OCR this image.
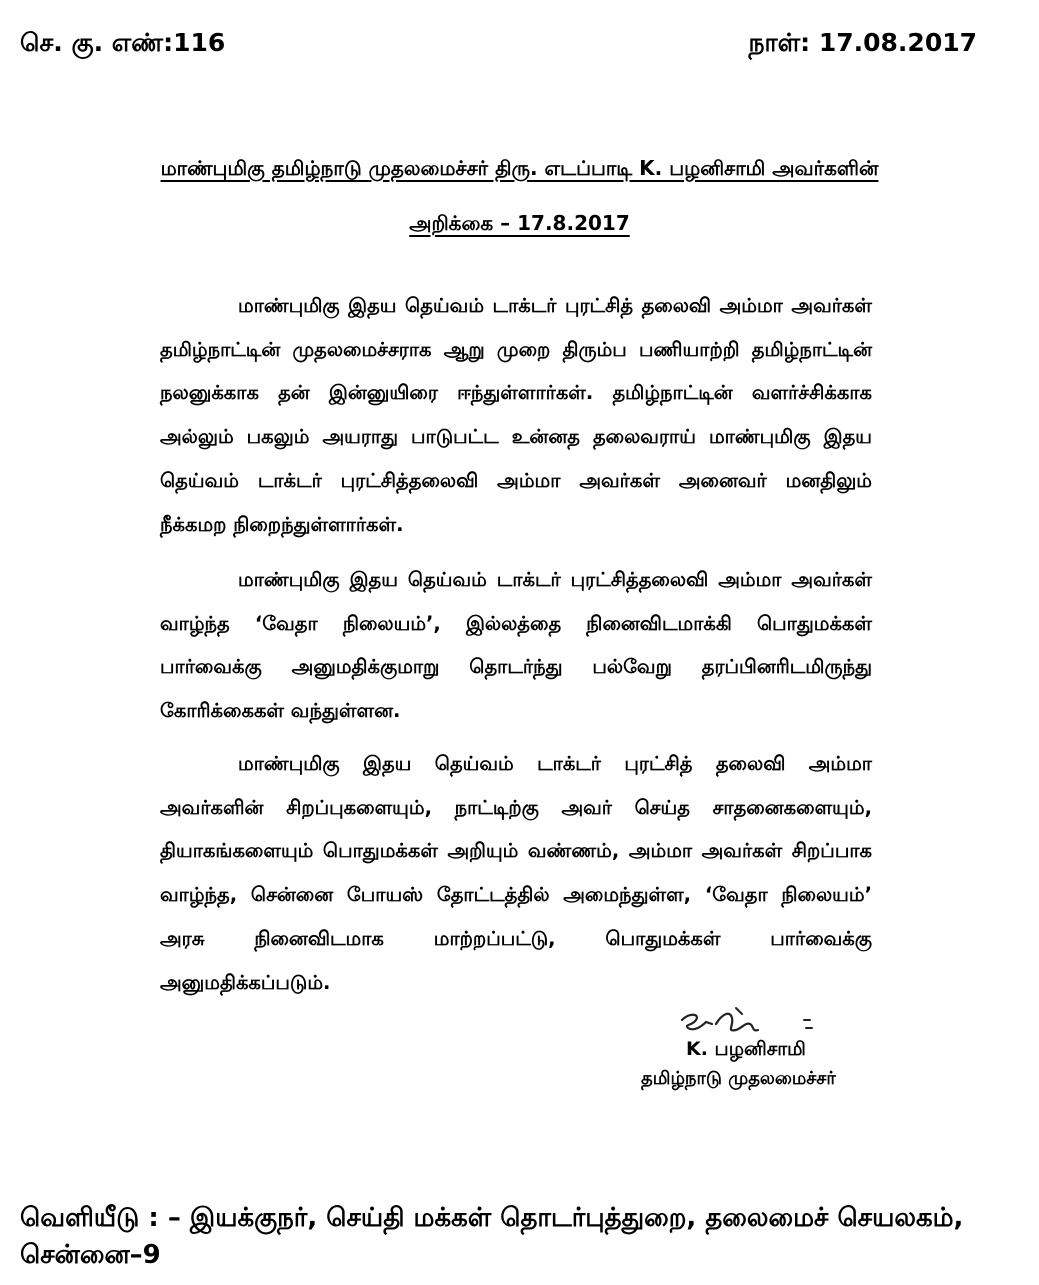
செ. கு. எண்:116	நாள்: 17.08.2017
மாண்புமிகு தமிழ்நாடு முதலமைச்சர் திரு. எடப்பாடி K. பழனிசாமி அவர்களின்
அறிக்கை – 17.8.2017

மாண்புமிகு இதய தெய்வம் டாக்டர் புரட்சித் தலைவி அம்மா அவர்கள் தமிழ்நாட்டின் முதலமைச்சராக ஆறு முறை திரும்ப பணியாற்றி தமிழ்நாட்டின் நலனுக்காக தன் இன்னுயிரை ஈந்துள்ளார்கள். தமிழ்நாட்டின் வளர்ச்சிக்காக அல்லும் பகலும் அயராது பாடுபட்ட உன்னத தலைவராய் மாண்புமிகு இதய தெய்வம் டாக்டர் புரட்சித்தலைவி அம்மா அவர்கள் அனைவர் மனதிலும் நீக்கமற நிறைந்துள்ளார்கள்.

மாண்புமிகு இதய தெய்வம் டாக்டர் புரட்சித்தலைவி அம்மா அவர்கள் வாழ்ந்த ‘வேதா நிலையம்’, இல்லத்தை நினைவிடமாக்கி பொதுமக்கள் பார்வைக்கு அனுமதிக்குமாறு தொடர்ந்து பல்வேறு தரப்பினரிடமிருந்து கோரிக்கைகள் வந்துள்ளன.

மாண்புமிகு இதய தெய்வம் டாக்டர் புரட்சித் தலைவி அம்மா அவர்களின் சிறப்புகளையும், நாட்டிற்கு அவர் செய்த சாதனைகளையும், தியாகங்களையும் பொதுமக்கள் அறியும் வண்ணம், அம்மா அவர்கள் சிறப்பாக வாழ்ந்த, சென்னை போயஸ் தோட்டத்தில் அமைந்துள்ள, ‘வேதா நிலையம்’ அரசு நினைவிடமாக மாற்றப்பட்டு, பொதுமக்கள் பார்வைக்கு அனுமதிக்கப்படும்.

K. பழனிசாமி
தமிழ்நாடு முதலமைச்சர்
வெளியீடு : – இயக்குநர், செய்தி மக்கள் தொடர்புத்துறை, தலைமைச் செயலகம்,
சென்னை–9
